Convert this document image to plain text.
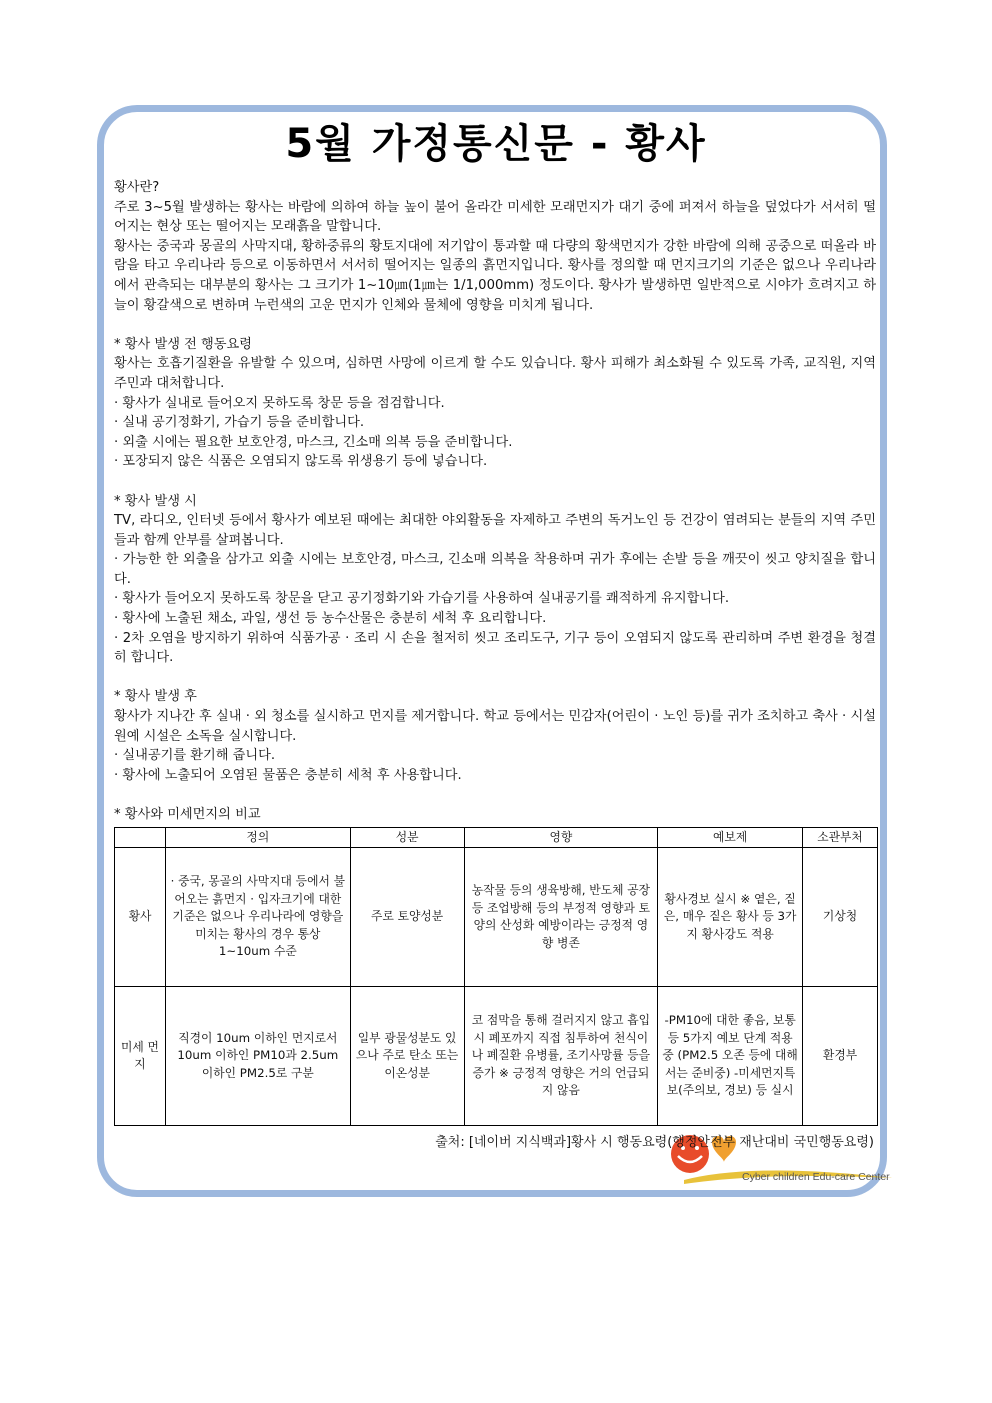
5월 가정통신문 - 황사

황사란?

주로 3~5월 발생하는 황사는 바람에 의하여 하늘 높이 불어 올라간 미세한 모래먼지가 대기 중에 퍼져서 하늘을 덮었다가 서서히 떨어지는 현상 또는 떨어지는 모래흙을 말합니다.

황사는 중국과 몽골의 사막지대, 황하중류의 황토지대에 저기압이 통과할 때 다량의 황색먼지가 강한 바람에 의해 공중으로 떠올라 바람을 타고 우리나라 등으로 이동하면서 서서히 떨어지는 일종의 흙먼지입니다. 황사를 정의할 때 먼지크기의 기준은 없으나 우리나라에서 관측되는 대부분의 황사는 그 크기가 1~10㎛(1㎛는 1/1,000mm) 정도이다. 황사가 발생하면 일반적으로 시야가 흐려지고 하늘이 황갈색으로 변하며 누런색의 고운 먼지가 인체와 물체에 영향을 미치게 됩니다.

* 황사 발생 전 행동요령

황사는 호흡기질환을 유발할 수 있으며, 심하면 사망에 이르게 할 수도 있습니다. 황사 피해가 최소화될 수 있도록 가족, 교직원, 지역 주민과 대처합니다.

· 황사가 실내로 들어오지 못하도록 창문 등을 점검합니다.

· 실내 공기정화기, 가습기 등을 준비합니다.

· 외출 시에는 필요한 보호안경, 마스크, 긴소매 의복 등을 준비합니다.

· 포장되지 않은 식품은 오염되지 않도록 위생용기 등에 넣습니다.

* 황사 발생 시

TV, 라디오, 인터넷 등에서 황사가 예보된 때에는 최대한 야외활동을 자제하고 주변의 독거노인 등 건강이 염려되는 분들의 지역 주민들과 함께 안부를 살펴봅니다.

· 가능한 한 외출을 삼가고 외출 시에는 보호안경, 마스크, 긴소매 의복을 착용하며 귀가 후에는 손발 등을 깨끗이 씻고 양치질을 합니다.

· 황사가 들어오지 못하도록 창문을 닫고 공기정화기와 가습기를 사용하여 실내공기를 쾌적하게 유지합니다.

· 황사에 노출된 채소, 과일, 생선 등 농수산물은 충분히 세척 후 요리합니다.

· 2차 오염을 방지하기 위하여 식품가공 · 조리 시 손을 철저히 씻고 조리도구, 기구 등이 오염되지 않도록 관리하며 주변 환경을 청결히 합니다.

* 황사 발생 후

황사가 지나간 후 실내 · 외 청소를 실시하고 먼지를 제거합니다. 학교 등에서는 민감자(어린이 · 노인 등)를 귀가 조치하고 축사 · 시설원예 시설은 소독을 실시합니다.

· 실내공기를 환기해 줍니다.

· 황사에 노출되어 오염된 물품은 충분히 세척 후 사용합니다.

* 황사와 미세먼지의 비교

	정의	성분	영향	예보제	소관부처
황사	· 중국, 몽골의 사막지대 등에서 불어오는 흙먼지 · 입자크기에 대한 기준은 없으나 우리나라에 영향을 미치는 황사의 경우 통상 1~10um 수준	주로 토양성분	농작물 등의 생육방해, 반도체 공장 등 조업방해 등의 부정적 영향과 토양의 산성화 예방이라는 긍정적 영향 병존	황사경보 실시 ※ 옅은, 짙은, 매우 짙은 황사 등 3가지 황사강도 적용	기상청
미세 먼지	직경이 10um 이하인 먼지로서 10um 이하인 PM10과 2.5um 이하인 PM2.5로 구분	일부 광물성분도 있으나 주로 탄소 또는 이온성분	코 점막을 통해 걸러지지 않고 흡입 시 폐포까지 직접 침투하여 천식이나 폐질환 유병률, 조기사망률 등을 증가 ※ 긍정적 영향은 거의 언급되지 않음	-PM10에 대한 좋음, 보통 등 5가지 예보 단계 적용중 (PM2.5 오존 등에 대해서는 준비중) -미세먼지특보(주의보, 경보) 등 실시	환경부
Cyber children Edu-care Center
출처: [네이버 지식백과]황사 시 행동요령(행정안전부 재난대비 국민행동요령)
